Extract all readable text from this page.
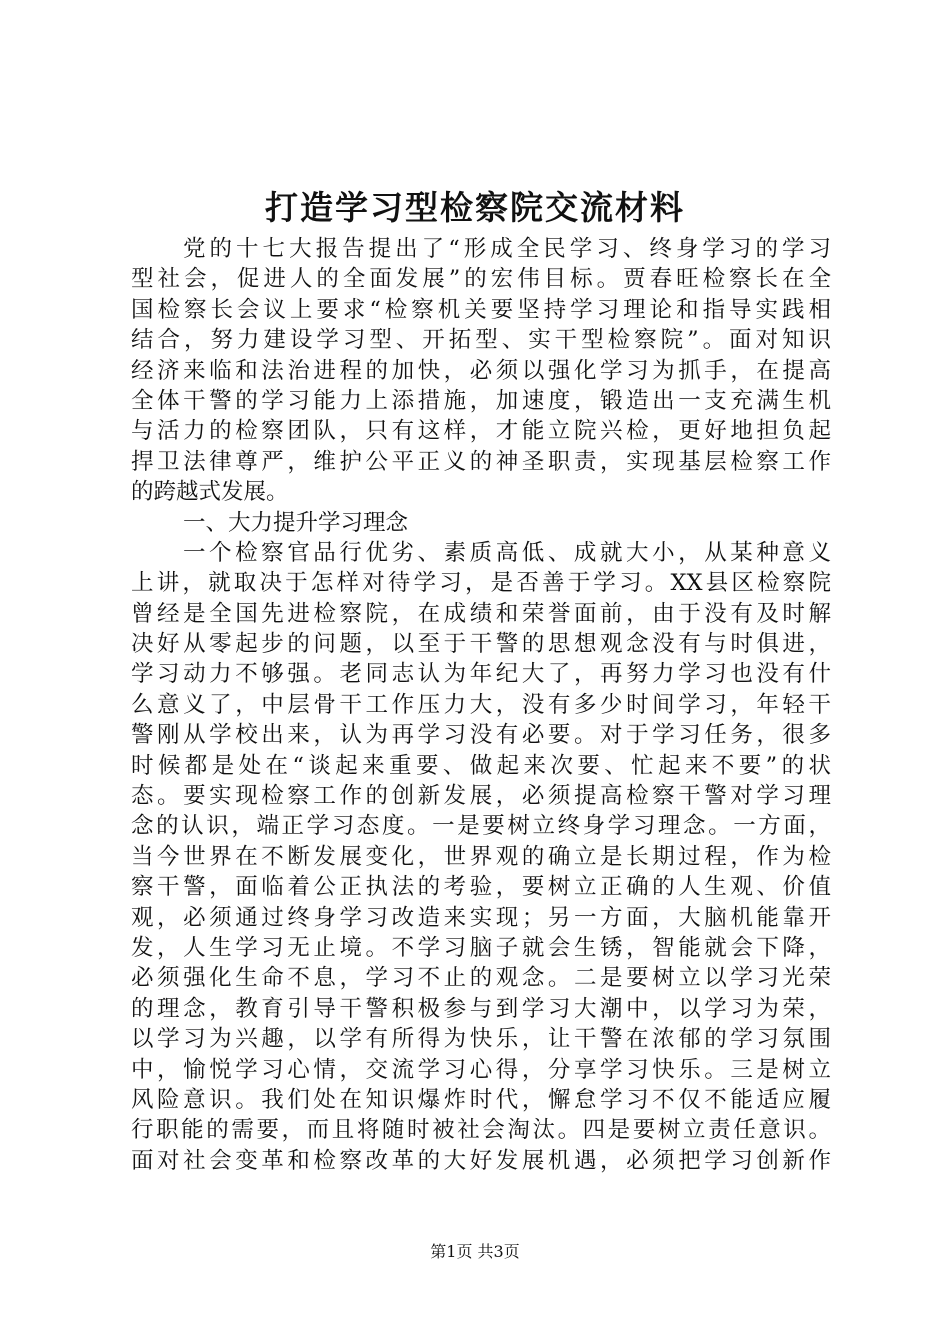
打造学习型检察院交流材料
党的十七大报告提出了“形成全民学习、终身学习的学习
型社会，促进人的全面发展”的宏伟目标。贾春旺检察长在全
国检察长会议上要求“检察机关要坚持学习理论和指导实践相
结合，努力建设学习型、开拓型、实干型检察院”。面对知识
经济来临和法治进程的加快，必须以强化学习为抓手，在提高
全体干警的学习能力上添措施，加速度，锻造出一支充满生机
与活力的检察团队，只有这样，才能立院兴检，更好地担负起
捍卫法律尊严，维护公平正义的神圣职责，实现基层检察工作
的跨越式发展。
一、大力提升学习理念
一个检察官品行优劣、素质高低、成就大小，从某种意义
上讲，就取决于怎样对待学习，是否善于学习。XX县区检察院
曾经是全国先进检察院，在成绩和荣誉面前，由于没有及时解
决好从零起步的问题，以至于干警的思想观念没有与时俱进，
学习动力不够强。老同志认为年纪大了，再努力学习也没有什
么意义了，中层骨干工作压力大，没有多少时间学习，年轻干
警刚从学校出来，认为再学习没有必要。对于学习任务，很多
时候都是处在“谈起来重要、做起来次要、忙起来不要”的状
态。要实现检察工作的创新发展，必须提高检察干警对学习理
念的认识，端正学习态度。一是要树立终身学习理念。一方面，
当今世界在不断发展变化，世界观的确立是长期过程，作为检
察干警，面临着公正执法的考验，要树立正确的人生观、价值
观，必须通过终身学习改造来实现；另一方面，大脑机能靠开
发，人生学习无止境。不学习脑子就会生锈，智能就会下降，
必须强化生命不息，学习不止的观念。二是要树立以学习光荣
的理念，教育引导干警积极参与到学习大潮中，以学习为荣，
以学习为兴趣，以学有所得为快乐，让干警在浓郁的学习氛围
中，愉悦学习心情，交流学习心得，分享学习快乐。三是树立
风险意识。我们处在知识爆炸时代，懈怠学习不仅不能适应履
行职能的需要，而且将随时被社会淘汰。四是要树立责任意识。
面对社会变革和检察改革的大好发展机遇，必须把学习创新作
第1页 共3页
